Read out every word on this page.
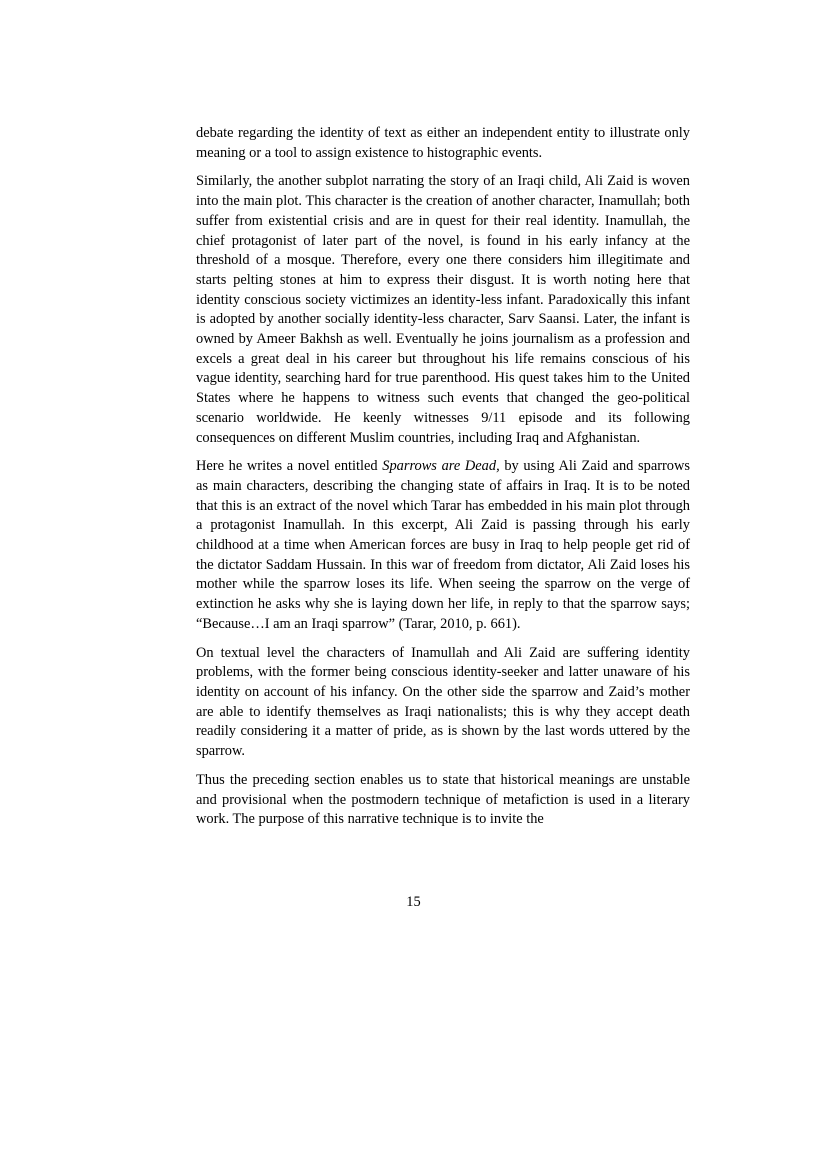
debate regarding the identity of text as either an independent entity to illustrate only meaning or a tool to assign existence to histographic events.

Similarly, the another subplot narrating the story of an Iraqi child, Ali Zaid is woven into the main plot. This character is the creation of another character, Inamullah; both suffer from existential crisis and are in quest for their real identity. Inamullah, the chief protagonist of later part of the novel, is found in his early infancy at the threshold of a mosque. Therefore, every one there considers him illegitimate and starts pelting stones at him to express their disgust. It is worth noting here that identity conscious society victimizes an identity-less infant. Paradoxically this infant is adopted by another socially identity-less character, Sarv Saansi. Later, the infant is owned by Ameer Bakhsh as well. Eventually he joins journalism as a profession and excels a great deal in his career but throughout his life remains conscious of his vague identity, searching hard for true parenthood. His quest takes him to the United States where he happens to witness such events that changed the geo-political scenario worldwide. He keenly witnesses 9/11 episode and its following consequences on different Muslim countries, including Iraq and Afghanistan.

Here he writes a novel entitled Sparrows are Dead, by using Ali Zaid and sparrows as main characters, describing the changing state of affairs in Iraq. It is to be noted that this is an extract of the novel which Tarar has embedded in his main plot through a protagonist Inamullah. In this excerpt, Ali Zaid is passing through his early childhood at a time when American forces are busy in Iraq to help people get rid of the dictator Saddam Hussain. In this war of freedom from dictator, Ali Zaid loses his mother while the sparrow loses its life. When seeing the sparrow on the verge of extinction he asks why she is laying down her life, in reply to that the sparrow says; “Because…I am an Iraqi sparrow” (Tarar, 2010, p. 661).

On textual level the characters of Inamullah and Ali Zaid are suffering identity problems, with the former being conscious identity-seeker and latter unaware of his identity on account of his infancy. On the other side the sparrow and Zaid’s mother are able to identify themselves as Iraqi nationalists; this is why they accept death readily considering it a matter of pride, as is shown by the last words uttered by the sparrow.

Thus the preceding section enables us to state that historical meanings are unstable and provisional when the postmodern technique of metafiction is used in a literary work. The purpose of this narrative technique is to invite the

15
